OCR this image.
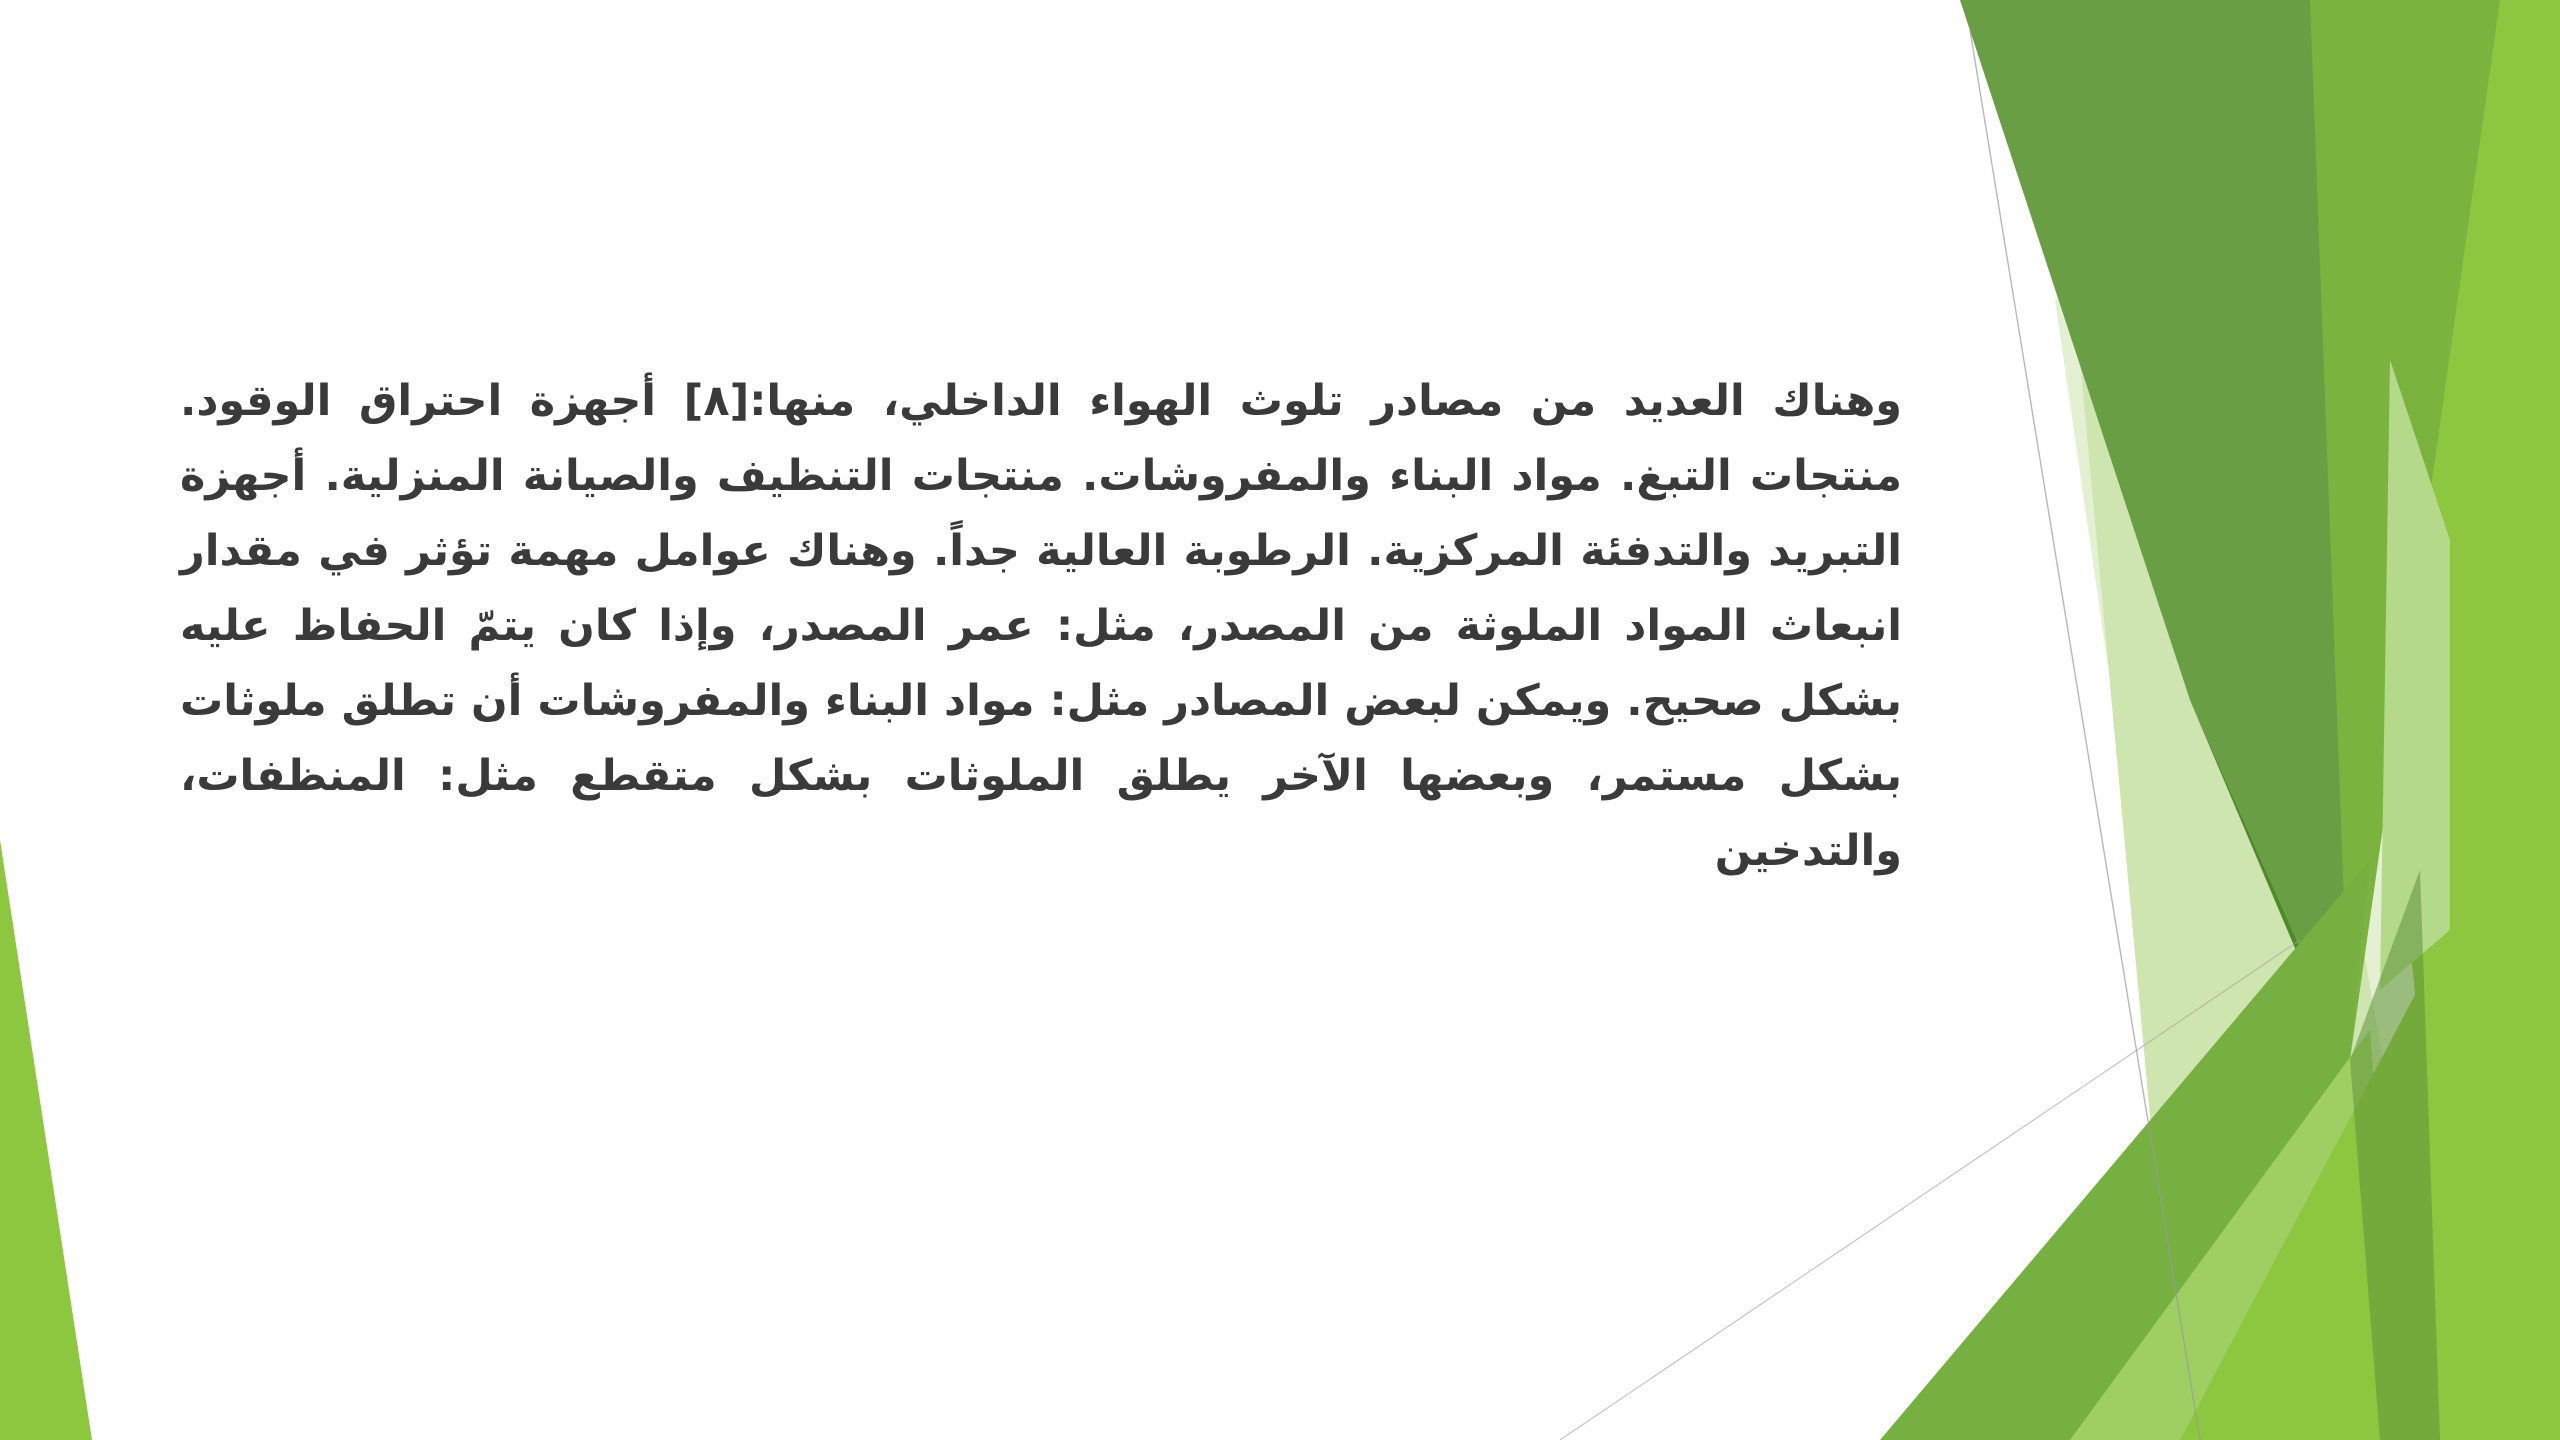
وهناك العديد من مصادر تلوث الهواء الداخلي، منها:[٨] أجهزة احتراق الوقود. منتجات التبغ. مواد البناء والمفروشات. منتجات التنظيف والصيانة المنزلية. أجهزة التبريد والتدفئة المركزية. الرطوبة العالية جداً. وهناك عوامل مهمة تؤثر في مقدار انبعاث المواد الملوثة من المصدر، مثل: عمر المصدر، وإذا كان يتمّ الحفاظ عليه بشكل صحيح. ويمكن لبعض المصادر مثل: مواد البناء والمفروشات أن تطلق ملوثات بشكل مستمر، وبعضها الآخر يطلق الملوثات بشكل متقطع مثل: المنظفات، والتدخين
